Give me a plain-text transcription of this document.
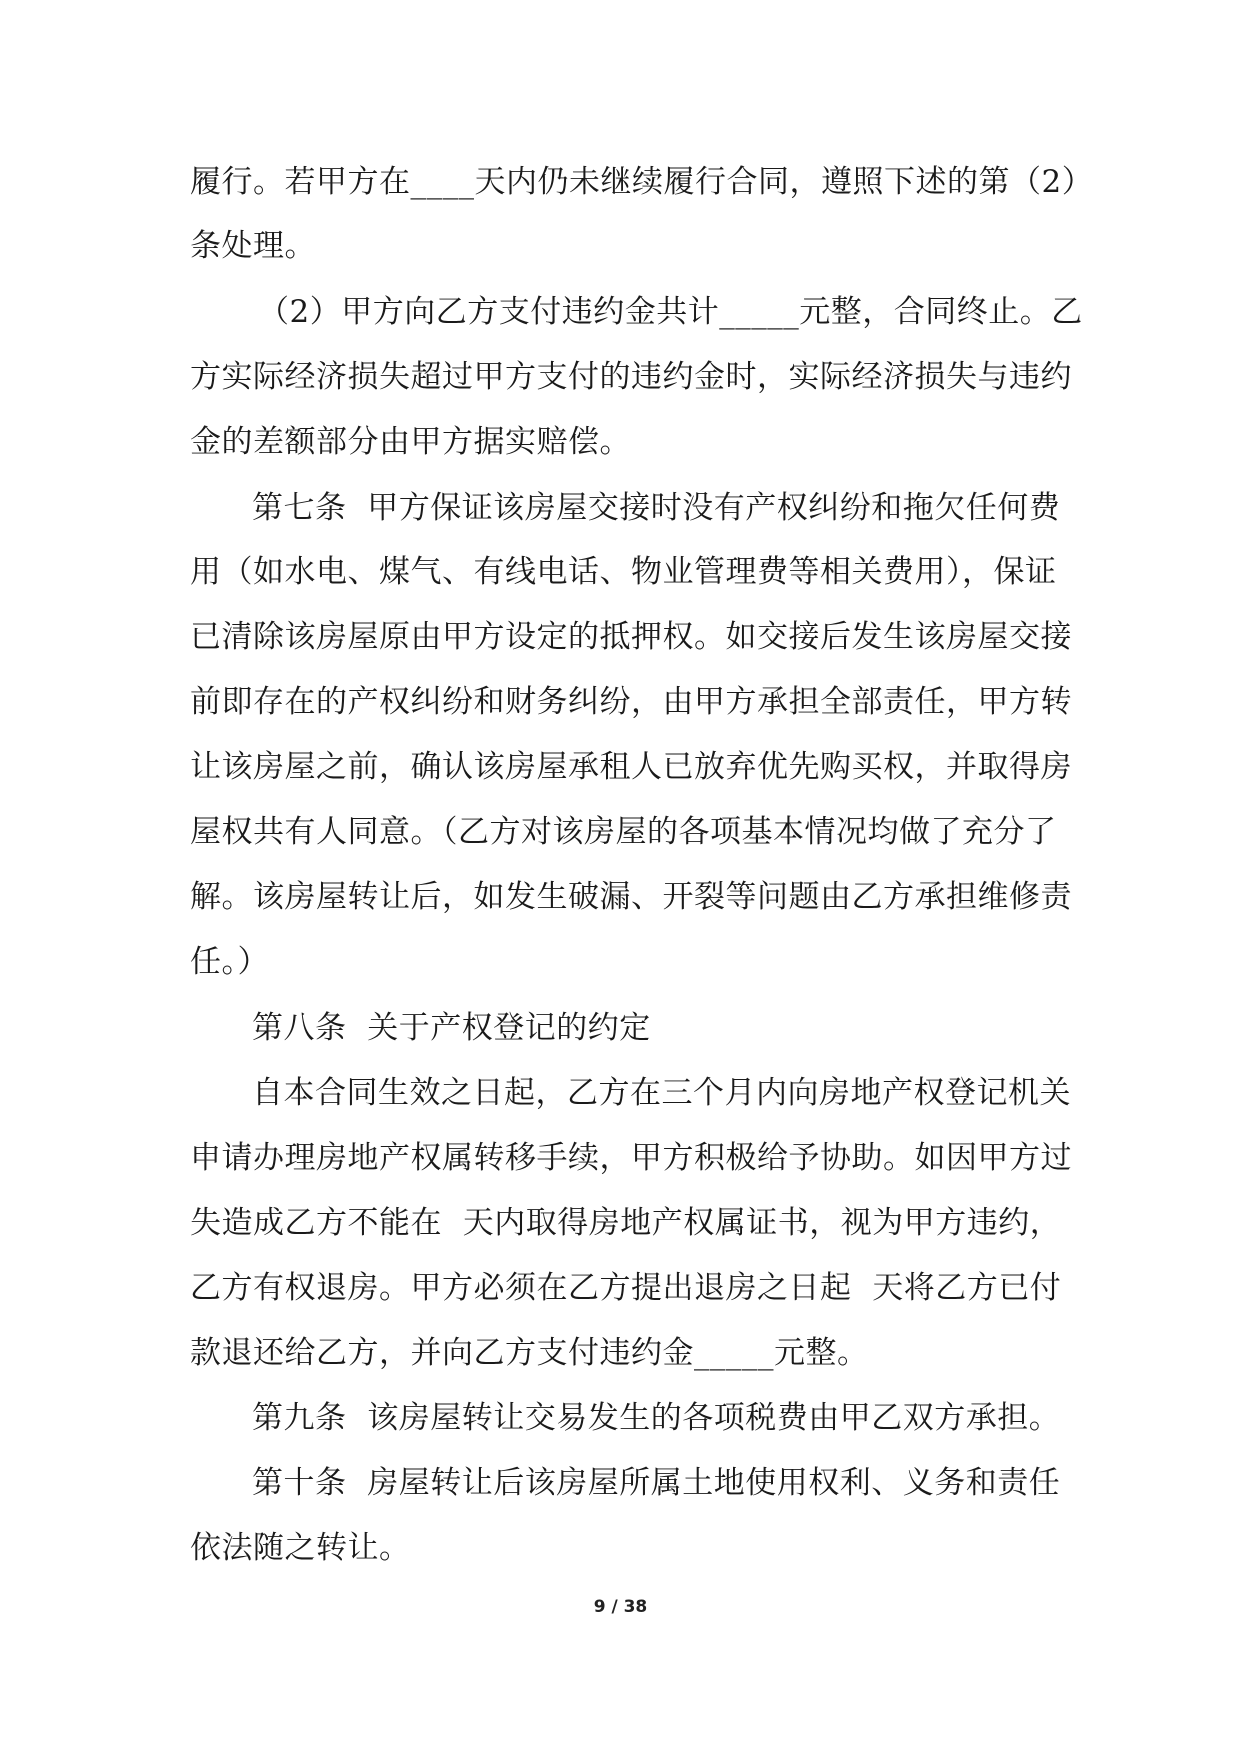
履行。若甲方在____天内仍未继续履行合同，遵照下述的第（2）
条处理。
（2）甲方向乙方支付违约金共计_____元整，合同终止。乙
方实际经济损失超过甲方支付的违约金时，实际经济损失与违约
金的差额部分由甲方据实赔偿。
第七条  甲方保证该房屋交接时没有产权纠纷和拖欠任何费
用（如水电、煤气、有线电话、物业管理费等相关费用），保证
已清除该房屋原由甲方设定的抵押权。如交接后发生该房屋交接
前即存在的产权纠纷和财务纠纷，由甲方承担全部责任，甲方转
让该房屋之前，确认该房屋承租人已放弃优先购买权，并取得房
屋权共有人同意。（乙方对该房屋的各项基本情况均做了充分了
解。该房屋转让后，如发生破漏、开裂等问题由乙方承担维修责
任。）
第八条  关于产权登记的约定
自本合同生效之日起，乙方在三个月内向房地产权登记机关
申请办理房地产权属转移手续，甲方积极给予协助。如因甲方过
失造成乙方不能在  天内取得房地产权属证书，视为甲方违约，
乙方有权退房。甲方必须在乙方提出退房之日起  天将乙方已付
款退还给乙方，并向乙方支付违约金_____元整。
第九条  该房屋转让交易发生的各项税费由甲乙双方承担。
第十条  房屋转让后该房屋所属土地使用权利、义务和责任
依法随之转让。
9 / 38
